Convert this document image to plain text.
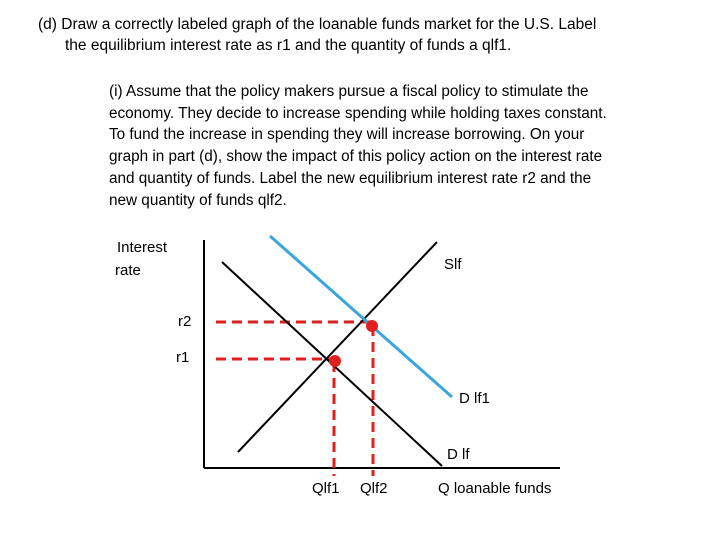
(d) Draw a correctly labeled graph of the loanable funds market for the U.S. Label
the equilibrium interest rate as r1 and the quantity of funds a qlf1.
(i) Assume that the policy makers pursue a fiscal policy to stimulate the
economy. They decide to increase spending while holding taxes constant.
To fund the increase in spending they will increase borrowing. On your
graph in part (d), show the impact of this policy action on the interest rate
and quantity of funds. Label the new equilibrium interest rate r2 and the
new quantity of funds qlf2.
Interest
rate	Slf
r2
r1
D lf1
D lf
Qlf1 Qlf2	Q loanable funds
